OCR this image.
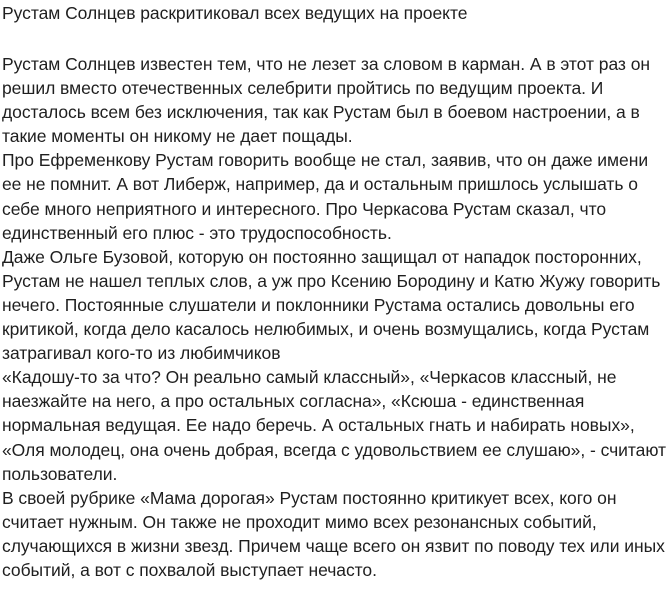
Рустам Солнцев раскритиковал всех ведущих на проекте

Рустам Солнцев известен тем, что не лезет за словом в карман. А в этот раз он решил вместо отечественных селебрити пройтись по ведущим проекта. И досталось всем без исключения, так как Рустам был в боевом настроении, а в такие моменты он никому не дает пощады.

Про Ефременкову Рустам говорить вообще не стал, заявив, что он даже имени ее не помнит. А вот Либерж, например, да и остальным пришлось услышать о себе много неприятного и интересного. Про Черкасова Рустам сказал, что единственный его плюс - это трудоспособность.

Даже Ольге Бузовой, которую он постоянно защищал от нападок посторонних, Рустам не нашел теплых слов, а уж про Ксению Бородину и Катю Жужу говорить нечего. Постоянные слушатели и поклонники Рустама остались довольны его критикой, когда дело касалось нелюбимых, и очень возмущались, когда Рустам затрагивал кого-то из любимчиков

«Кадошу-то за что? Он реально самый классный», «Черкасов классный, не наезжайте на него, а про остальных согласна», «Ксюша - единственная нормальная ведущая. Ее надо беречь. А остальных гнать и набирать новых», «Оля молодец, она очень добрая, всегда с удовольствием ее слушаю», - считают пользователи.

В своей рубрике «Мама дорогая» Рустам постоянно критикует всех, кого он считает нужным. Он также не проходит мимо всех резонансных событий, случающихся в жизни звезд. Причем чаще всего он язвит по поводу тех или иных событий, а вот с похвалой выступает нечасто.
